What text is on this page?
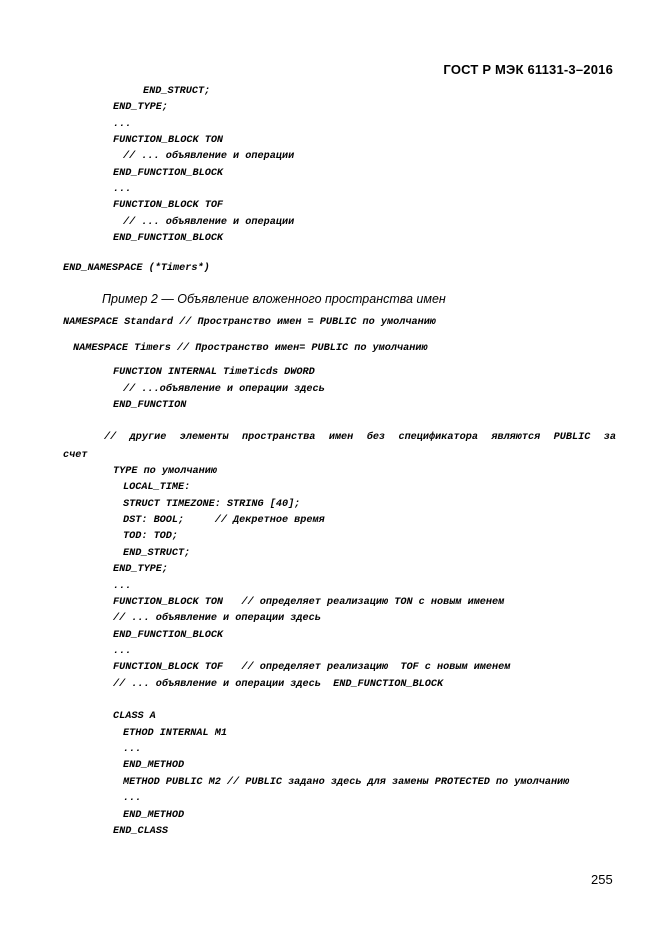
ГОСТ Р МЭК 61131-3–2016
END_STRUCT;
END_TYPE;
...
FUNCTION_BLOCK TON
// ... объявление и операции
END_FUNCTION_BLOCK
...
FUNCTION_BLOCK TOF
// ... объявление и операции
END_FUNCTION_BLOCK
END_NAMESPACE (*Timers*)
Пример 2 — Объявление вложенного пространства имен
NAMESPACE Standard // Пространство имен = PUBLIC по умолчанию
NAMESPACE Timers // Пространство имен= PUBLIC по умолчанию
FUNCTION INTERNAL TimeTicds DWORD
// ...объявление и операции здесь
END_FUNCTION
// другие элементы пространства имен без спецификатора являются PUBLIC за
счет
TYPE по умолчанию
LOCAL_TIME:
STRUCT TIMEZONE: STRING [40];
DST: BOOL;     // Декретное время
TOD: TOD;
END_STRUCT;
END_TYPE;
...
FUNCTION_BLOCK TON   // определяет реализацию TON с новым именем
// ... объявление и операции здесь
END_FUNCTION_BLOCK
...
FUNCTION_BLOCK TOF   // определяет реализацию  TOF с новым именем
// ... объявление и операции здесь  END_FUNCTION_BLOCK
CLASS A
ETHOD INTERNAL M1
...
END_METHOD
METHOD PUBLIC M2 // PUBLIC задано здесь для замены PROTECTED по умолчанию
...
END_METHOD
END_CLASS
255
